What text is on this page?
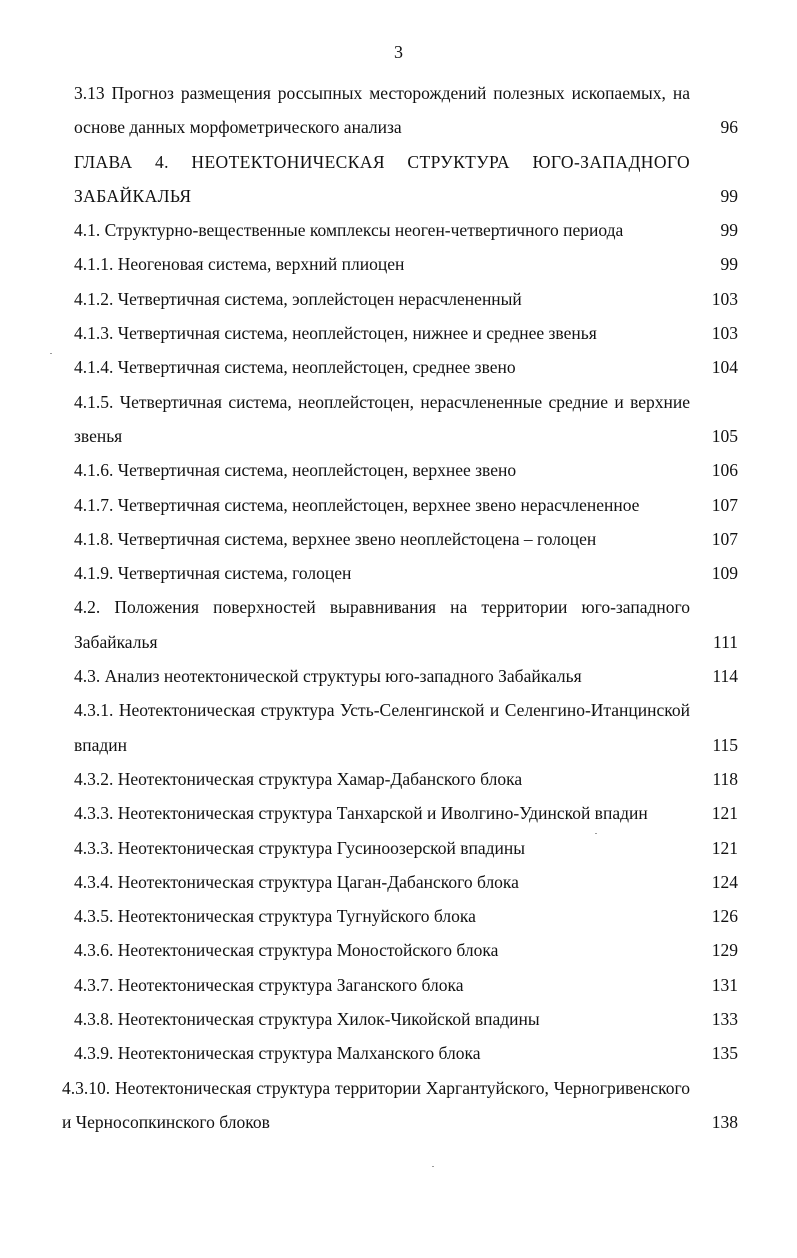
3
3.13 Прогноз размещения россыпных месторождений полезных ископаемых, на основе данных морфометрического анализа	96
ГЛАВА 4. НЕОТЕКТОНИЧЕСКАЯ СТРУКТУРА ЮГО-ЗАПАДНОГО ЗАБАЙКАЛЬЯ	99
4.1. Структурно-вещественные комплексы неоген-четвертичного периода	99
4.1.1. Неогеновая система, верхний плиоцен	99
4.1.2. Четвертичная система, эоплейстоцен нерасчлененный	103
4.1.3. Четвертичная система, неоплейстоцен, нижнее и среднее звенья	103
4.1.4. Четвертичная система, неоплейстоцен, среднее звено	104
4.1.5. Четвертичная система, неоплейстоцен, нерасчлененные средние и верхние звенья	105
4.1.6. Четвертичная система, неоплейстоцен, верхнее звено	106
4.1.7. Четвертичная система, неоплейстоцен, верхнее звено нерасчлененное	107
4.1.8. Четвертичная система, верхнее звено неоплейстоцена – голоцен	107
4.1.9. Четвертичная система, голоцен	109
4.2. Положения поверхностей выравнивания на территории юго-западного Забайкалья	111
4.3. Анализ неотектонической структуры юго-западного Забайкалья	114
4.3.1. Неотектоническая структура Усть-Селенгинской и Селенгино-Итанцинской впадин	115
4.3.2. Неотектоническая структура Хамар-Дабанского блока	118
4.3.3. Неотектоническая структура Танхарской и Иволгино-Удинской впадин	121
4.3.3. Неотектоническая структура Гусиноозерской впадины	121
4.3.4. Неотектоническая структура Цаган-Дабанского блока	124
4.3.5. Неотектоническая структура Тугнуйского блока	126
4.3.6. Неотектоническая структура Моностойского блока	129
4.3.7. Неотектоническая структура Заганского блока	131
4.3.8. Неотектоническая структура Хилок-Чикойской впадины	133
4.3.9. Неотектоническая структура Малханского блока	135
4.3.10. Неотектоническая структура территории Харгантуйского, Черногривенского и Черносопкинского блоков	138
